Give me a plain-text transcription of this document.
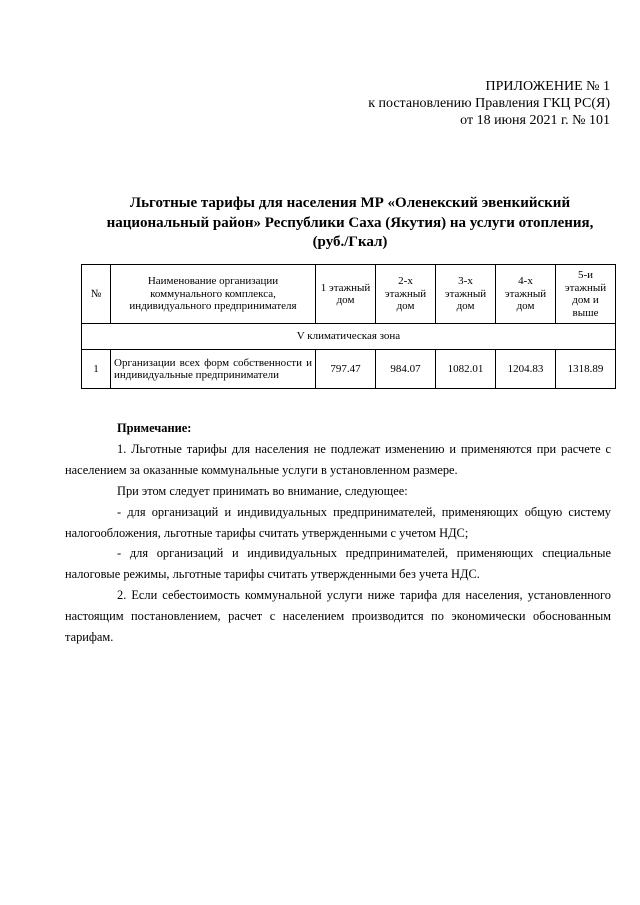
ПРИЛОЖЕНИЕ № 1
к постановлению Правления ГКЦ РС(Я)
от 18 июня 2021 г. № 101
Льготные тарифы для населения МР «Оленекский эвенкийский
национальный район» Республики Саха (Якутия) на услуги отопления,
(руб./Гкал)
№	Наименование организации коммунального комплекса, индивидуального предпринимателя	1 этажный дом	2-х этажный дом	3-х этажный дом	4-х этажный дом	5-и этажный дом и выше
V климатическая зона						
1	Организации всех форм собственности и индивидуальные предприниматели	797.47	984.07	1082.01	1204.83	1318.89

Примечание:

1. Льготные тарифы для населения не подлежат изменению и применяются при расчете с населением за оказанные коммунальные услуги в установленном размере.

При этом следует принимать во внимание, следующее:

- для организаций и индивидуальных предпринимателей, применяющих общую систему налогообложения, льготные тарифы считать утвержденными с учетом НДС;

- для организаций и индивидуальных предпринимателей, применяющих специальные налоговые режимы, льготные тарифы считать утвержденными без учета НДС.

2. Если себестоимость коммунальной услуги ниже тарифа для населения, установленного настоящим постановлением, расчет с населением производится по экономически обоснованным тарифам.
